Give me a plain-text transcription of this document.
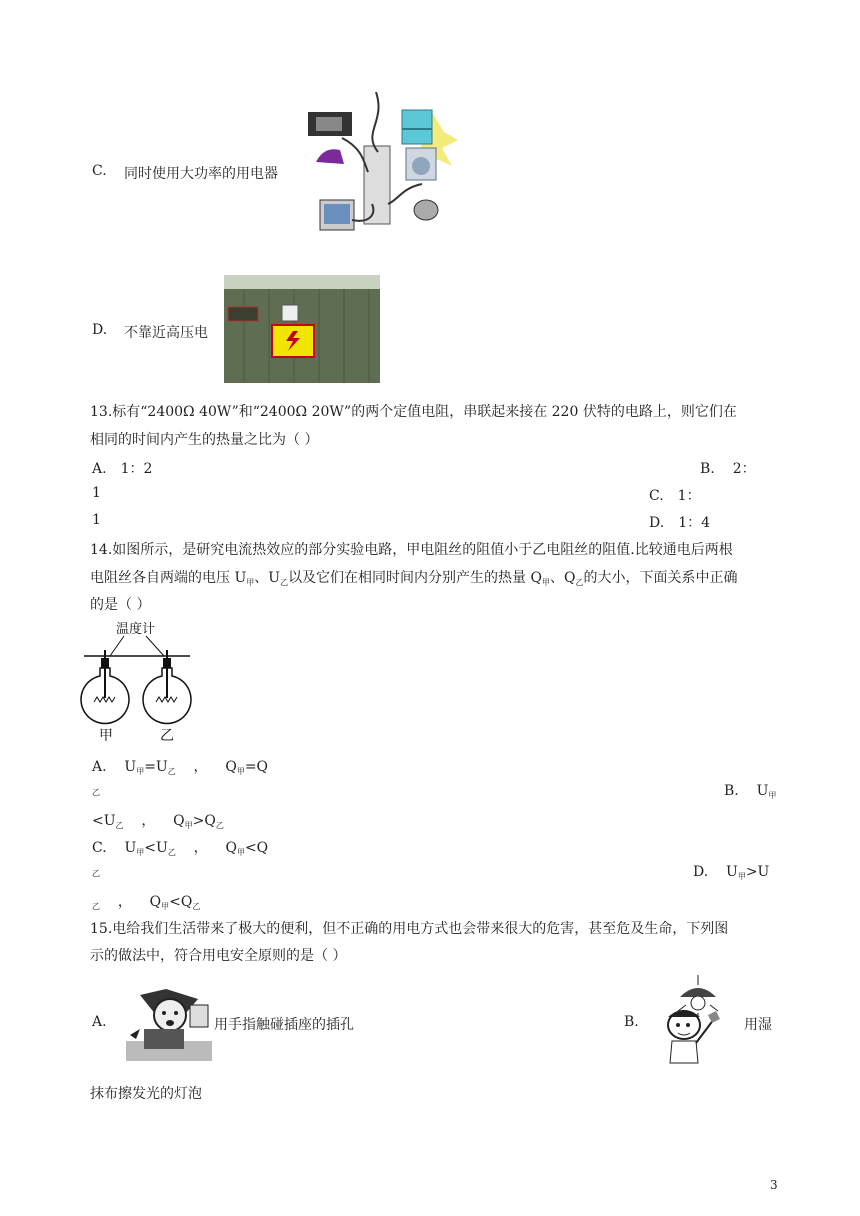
C. 同时使用大功率的用电器
D. 不靠近高压电
13.标有“2400Ω 40W”和“2400Ω 20W”的两个定值电阻，串联起来接在 220 伏特的电路上，则它们在
相同的时间内产生的热量之比为（ ）
A. 1：2	B. 2：
1	C. 1：
1	D. 1：4
14.如图所示，是研究电流热效应的部分实验电路，甲电阻丝的阻值小于乙电阻丝的阻值.比较通电后两根
电阻丝各自两端的电压 $U_甲$、$U_乙$以及它们在相同时间内分别产生的热量 $Q_甲$、$Q_乙$的大小，下面关系中正确
的是（ ）
温度计
甲	乙
A. $U_甲=U_乙$ ， $Q_甲=Q$
乙	B. $U_甲$
$<U_乙$ ， $Q_甲>Q_乙$
C. $U_甲<U_乙$ ， $Q_甲<Q$
乙	D. $U_甲>U$
$_乙$ ， $Q_甲<Q_乙$
15.电给我们生活带来了极大的便利，但不正确的用电方式也会带来很大的危害，甚至危及生命，下列图
示的做法中，符合用电安全原则的是（ ）
A.	用手指触碰插座的插孔	B.	用湿
抹布擦发光的灯泡
3
